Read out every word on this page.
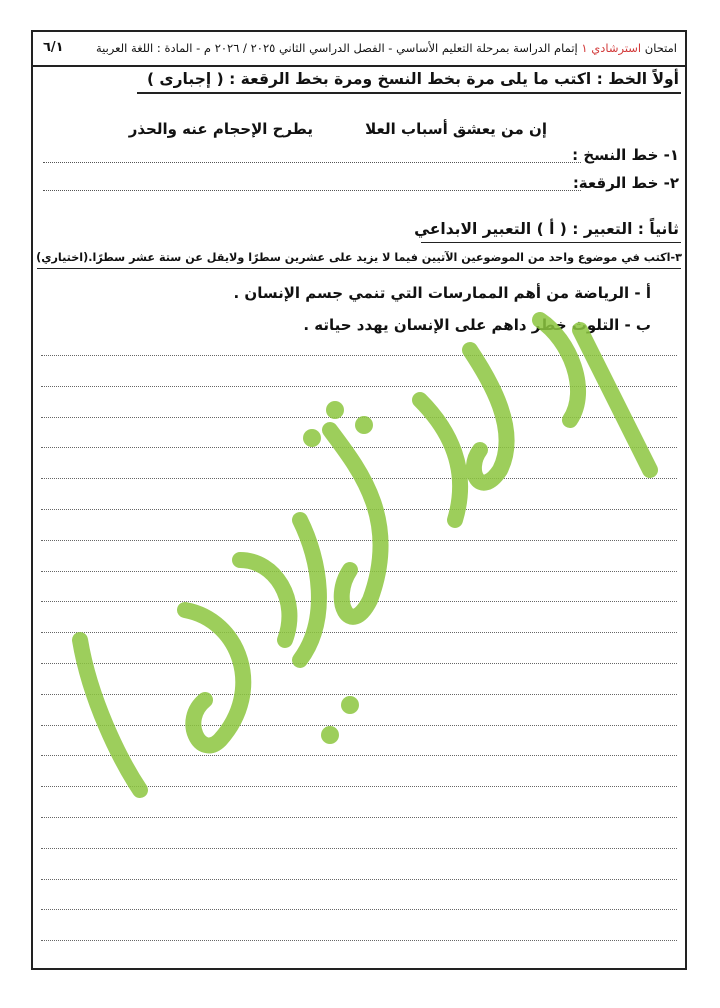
امتحان استرشادي ١ إتمام الدراسة بمرحلة التعليم الأساسي - الفصل الدراسي الثاني ٢٠٢٥ / ٢٠٢٦ م - المادة : اللغة العربية
٦/١
أولاً الخط : اكتب ما يلى مرة بخط النسخ ومرة بخط الرقعة : ( إجبارى )
إن من يعشق أسباب العلا
يطرح الإحجام عنه والحذر
١- خط النسخ :
٢- خط الرقعة:
ثانياً : التعبير : ( أ ) التعبير الابداعي
٣-اكتب في موضوع واحد من الموضوعين الآتيين فيما لا يزيد على عشرين سطرًا ولايقل عن ستة عشر سطرًا.(اختياري)
أ - الرياضة من أهم الممارسات التي تنمي جسم الإنسان .
ب - التلوث خطر داهم على الإنسان يهدد حياته .
